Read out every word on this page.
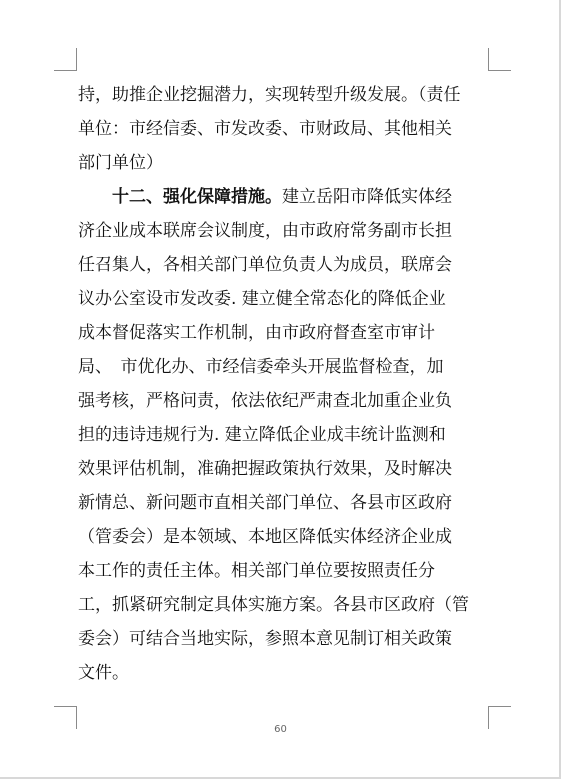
持，助推企业挖掘潜力，实现转型升级发展。（责任
单位：市经信委、市发改委、市财政局、其他相关
部门单位）
十二、强化保障措施。建立岳阳市降低实体经
济企业成本联席会议制度，由市政府常务副市长担
任召集人，各相关部门单位负责人为成员，联席会
议办公室设市发改委. 建立健全常态化的降低企业
成本督促落实工作机制，由市政府督查室市审计
局、　市优化办、市经信委牵头开展监督检查，加
强考核，严格问责，依法依纪严肃查北加重企业负
担的违诗违规行为. 建立降低企业成丰统计监测和
效果评估机制，准确把握政策执行效果，及时解决
新情总、新问题市直相关部门单位、各县市区政府
（管委会）是本领域、本地区降低实体经济企业成
本工作的责任主体。相关部门单位要按照责任分
工，抓紧研究制定具体实施方案。各县市区政府（管
委会）可结合当地实际，参照本意见制订相关政策
文件。
60
